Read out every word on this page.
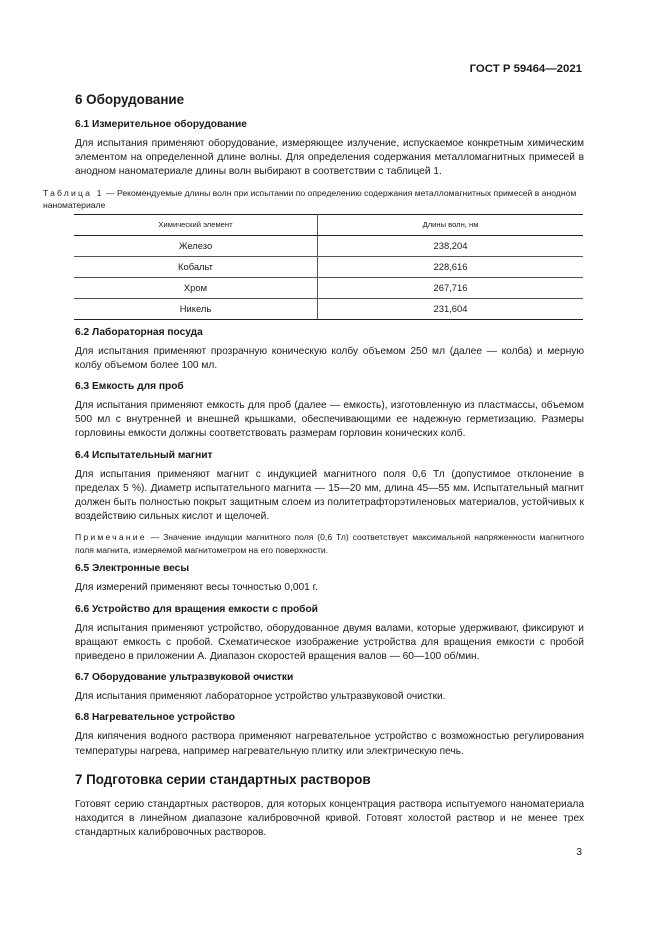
ГОСТ Р 59464—2021
6 Оборудование
6.1 Измерительное оборудование

Для испытания применяют оборудование, измеряющее излучение, испускаемое конкретным химическим элементом на определенной длине волны. Для определения содержания металломагнитных примесей в анодном наноматериале длины волн выбирают в соответствии с таблицей 1.

Таблица 1 — Рекомендуемые длины волн при испытании по определению содержания металломагнитных примесей в анодном наноматериале
Химический элемент	Длины волн, нм
Железо	238,204
Кобальт	228,616
Хром	267,716
Никель	231,604
6.2 Лабораторная посуда

Для испытания применяют прозрачную коническую колбу объемом 250 мл (далее — колба) и мерную колбу объемом более 100 мл.

6.3 Емкость для проб

Для испытания применяют емкость для проб (далее — емкость), изготовленную из пластмассы, объемом 500 мл с внутренней и внешней крышками, обеспечивающими ее надежную герметизацию. Размеры горловины емкости должны соответствовать размерам горловин конических колб.

6.4 Испытательный магнит

Для испытания применяют магнит с индукцией магнитного поля 0,6 Тл (допустимое отклонение в пределах 5 %). Диаметр испытательного магнита — 15—20 мм, длина 45—55 мм. Испытательный магнит должен быть полностью покрыт защитным слоем из политетрафторэтиленовых материалов, устойчивых к воздействию сильных кислот и щелочей.

Примечание — Значение индукции магнитного поля (0,6 Тл) соответствует максимальной напряженности магнитного поля магнита, измеряемой магнитометром на его поверхности.

6.5 Электронные весы

Для измерений применяют весы точностью 0,001 г.

6.6 Устройство для вращения емкости с пробой

Для испытания применяют устройство, оборудованное двумя валами, которые удерживают, фиксируют и вращают емкость с пробой. Схематическое изображение устройства для вращения емкости с пробой приведено в приложении А. Диапазон скоростей вращения валов — 60—100 об/мин.

6.7 Оборудование ультразвуковой очистки

Для испытания применяют лабораторное устройство ультразвуковой очистки.

6.8 Нагревательное устройство

Для кипячения водного раствора применяют нагревательное устройство с возможностью регулирования температуры нагрева, например нагревательную плитку или электрическую печь.

7 Подготовка серии стандартных растворов

Готовят серию стандартных растворов, для которых концентрация раствора испытуемого наноматериала находится в линейном диапазоне калибровочной кривой. Готовят холостой раствор и не менее трех стандартных калибровочных растворов.

3
